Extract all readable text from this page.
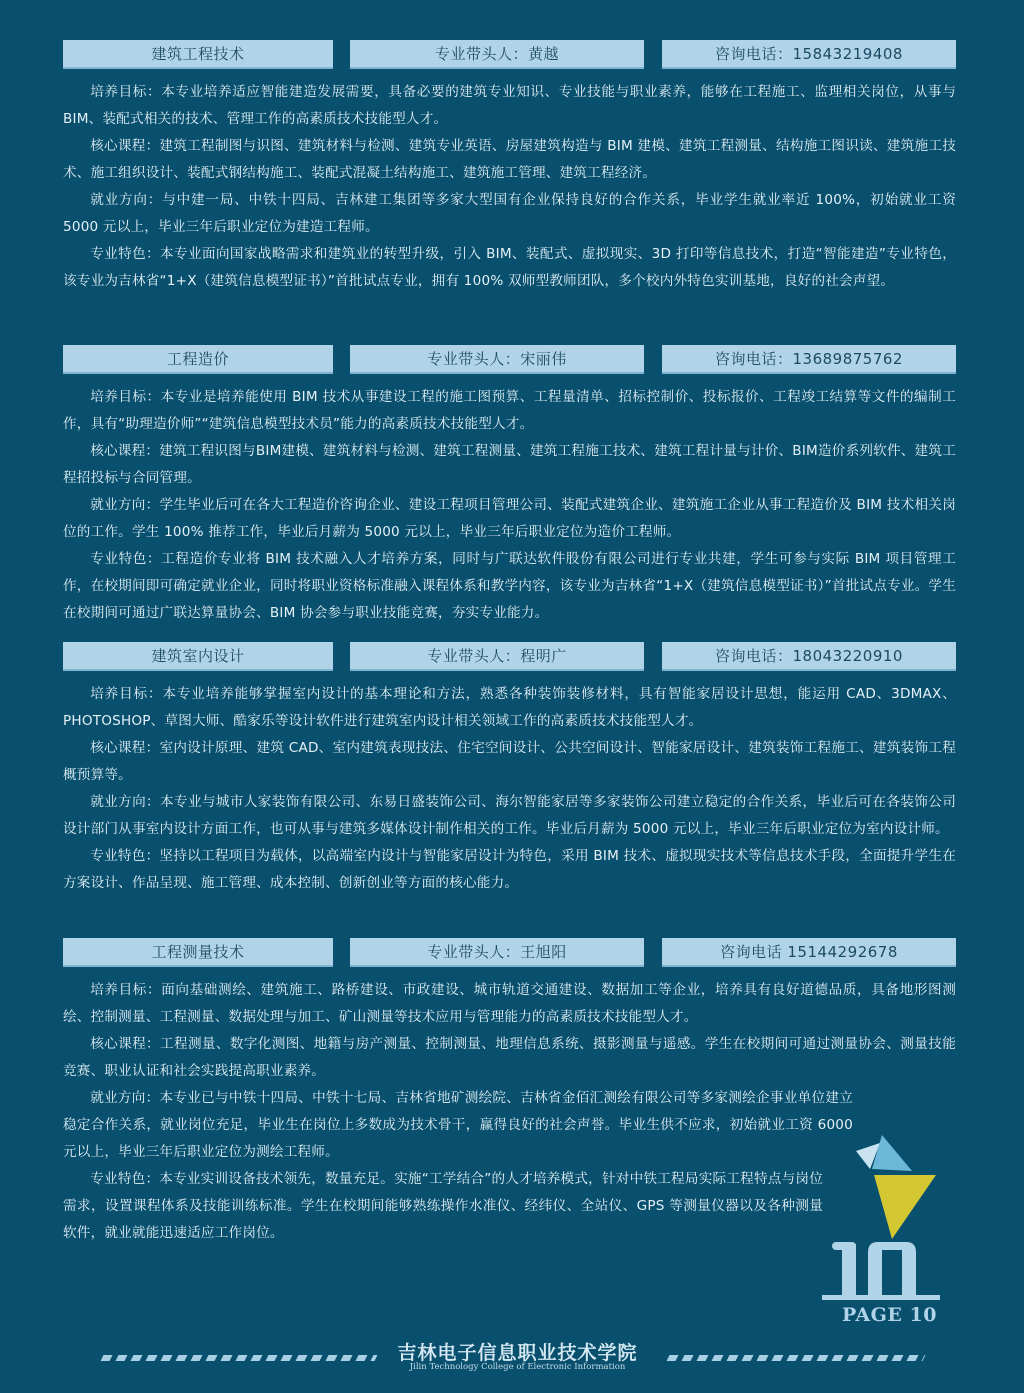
建筑工程技术	专业带头人：黄越	咨询电话：15843219408

培养目标：本专业培养适应智能建造发展需要，具备必要的建筑专业知识、专业技能与职业素养，能够在工程施工、监理相关岗位，从事与 BIM、装配式相关的技术、管理工作的高素质技术技能型人才。

核心课程：建筑工程制图与识图、建筑材料与检测、建筑专业英语、房屋建筑构造与 BIM 建模、建筑工程测量、结构施工图识读、建筑施工技术、施工组织设计、装配式钢结构施工、装配式混凝土结构施工、建筑施工管理、建筑工程经济。

就业方向：与中建一局、中铁十四局、吉林建工集团等多家大型国有企业保持良好的合作关系，毕业学生就业率近 100%，初始就业工资 5000 元以上，毕业三年后职业定位为建造工程师。

专业特色：本专业面向国家战略需求和建筑业的转型升级，引入 BIM、装配式、虚拟现实、3D 打印等信息技术，打造“智能建造”专业特色，该专业为吉林省“1+X（建筑信息模型证书）”首批试点专业，拥有 100% 双师型教师团队，多个校内外特色实训基地，良好的社会声望。

工程造价	专业带头人：宋丽伟	咨询电话：13689875762

培养目标：本专业是培养能使用 BIM 技术从事建设工程的施工图预算、工程量清单、招标控制价、投标报价、工程竣工结算等文件的编制工作，具有“助理造价师”“建筑信息模型技术员”能力的高素质技术技能型人才。

核心课程：建筑工程识图与BIM建模、建筑材料与检测、建筑工程测量、建筑工程施工技术、建筑工程计量与计价、BIM造价系列软件、建筑工程招投标与合同管理。

就业方向：学生毕业后可在各大工程造价咨询企业、建设工程项目管理公司、装配式建筑企业、建筑施工企业从事工程造价及 BIM 技术相关岗位的工作。学生 100% 推荐工作，毕业后月薪为 5000 元以上，毕业三年后职业定位为造价工程师。

专业特色：工程造价专业将 BIM 技术融入人才培养方案，同时与广联达软件股份有限公司进行专业共建，学生可参与实际 BIM 项目管理工作，在校期间即可确定就业企业，同时将职业资格标准融入课程体系和教学内容，该专业为吉林省“1+X（建筑信息模型证书）”首批试点专业。学生在校期间可通过广联达算量协会、BIM 协会参与职业技能竞赛，夯实专业能力。

建筑室内设计	专业带头人：程明广	咨询电话：18043220910

培养目标：本专业培养能够掌握室内设计的基本理论和方法，熟悉各种装饰装修材料，具有智能家居设计思想，能运用 CAD、3DMAX、PHOTOSHOP、草图大师、酷家乐等设计软件进行建筑室内设计相关领域工作的高素质技术技能型人才。

核心课程：室内设计原理、建筑 CAD、室内建筑表现技法、住宅空间设计、公共空间设计、智能家居设计、建筑装饰工程施工、建筑装饰工程概预算等。

就业方向：本专业与城市人家装饰有限公司、东易日盛装饰公司、海尔智能家居等多家装饰公司建立稳定的合作关系，毕业后可在各装饰公司设计部门从事室内设计方面工作，也可从事与建筑多媒体设计制作相关的工作。毕业后月薪为 5000 元以上，毕业三年后职业定位为室内设计师。

专业特色：坚持以工程项目为载体，以高端室内设计与智能家居设计为特色，采用 BIM 技术、虚拟现实技术等信息技术手段，全面提升学生在方案设计、作品呈现、施工管理、成本控制、创新创业等方面的核心能力。

工程测量技术	专业带头人：王旭阳	咨询电话 15144292678

培养目标：面向基础测绘、建筑施工、路桥建设、市政建设、城市轨道交通建设、数据加工等企业，培养具有良好道德品质，具备地形图测绘、控制测量、工程测量、数据处理与加工、矿山测量等技术应用与管理能力的高素质技术技能型人才。

核心课程：工程测量、数字化测图、地籍与房产测量、控制测量、地理信息系统、摄影测量与遥感。学生在校期间可通过测量协会、测量技能竞赛、职业认证和社会实践提高职业素养。

就业方向：本专业已与中铁十四局、中铁十七局、吉林省地矿测绘院、吉林省金佰汇测绘有限公司等多家测绘企事业单位建立稳定合作关系，就业岗位充足，毕业生在岗位上多数成为技术骨干，赢得良好的社会声誉。毕业生供不应求，初始就业工资 6000 元以上，毕业三年后职业定位为测绘工程师。

专业特色：本专业实训设备技术领先，数量充足。实施“工学结合”的人才培养模式，针对中铁工程局实际工程特点与岗位需求，设置课程体系及技能训练标准。学生在校期间能够熟练操作水准仪、经纬仪、全站仪、GPS 等测量仪器以及各种测量软件，就业就能迅速适应工作岗位。

PAGE 10
吉林电子信息职业技术学院
Jilin Technology College of Electronic Information
